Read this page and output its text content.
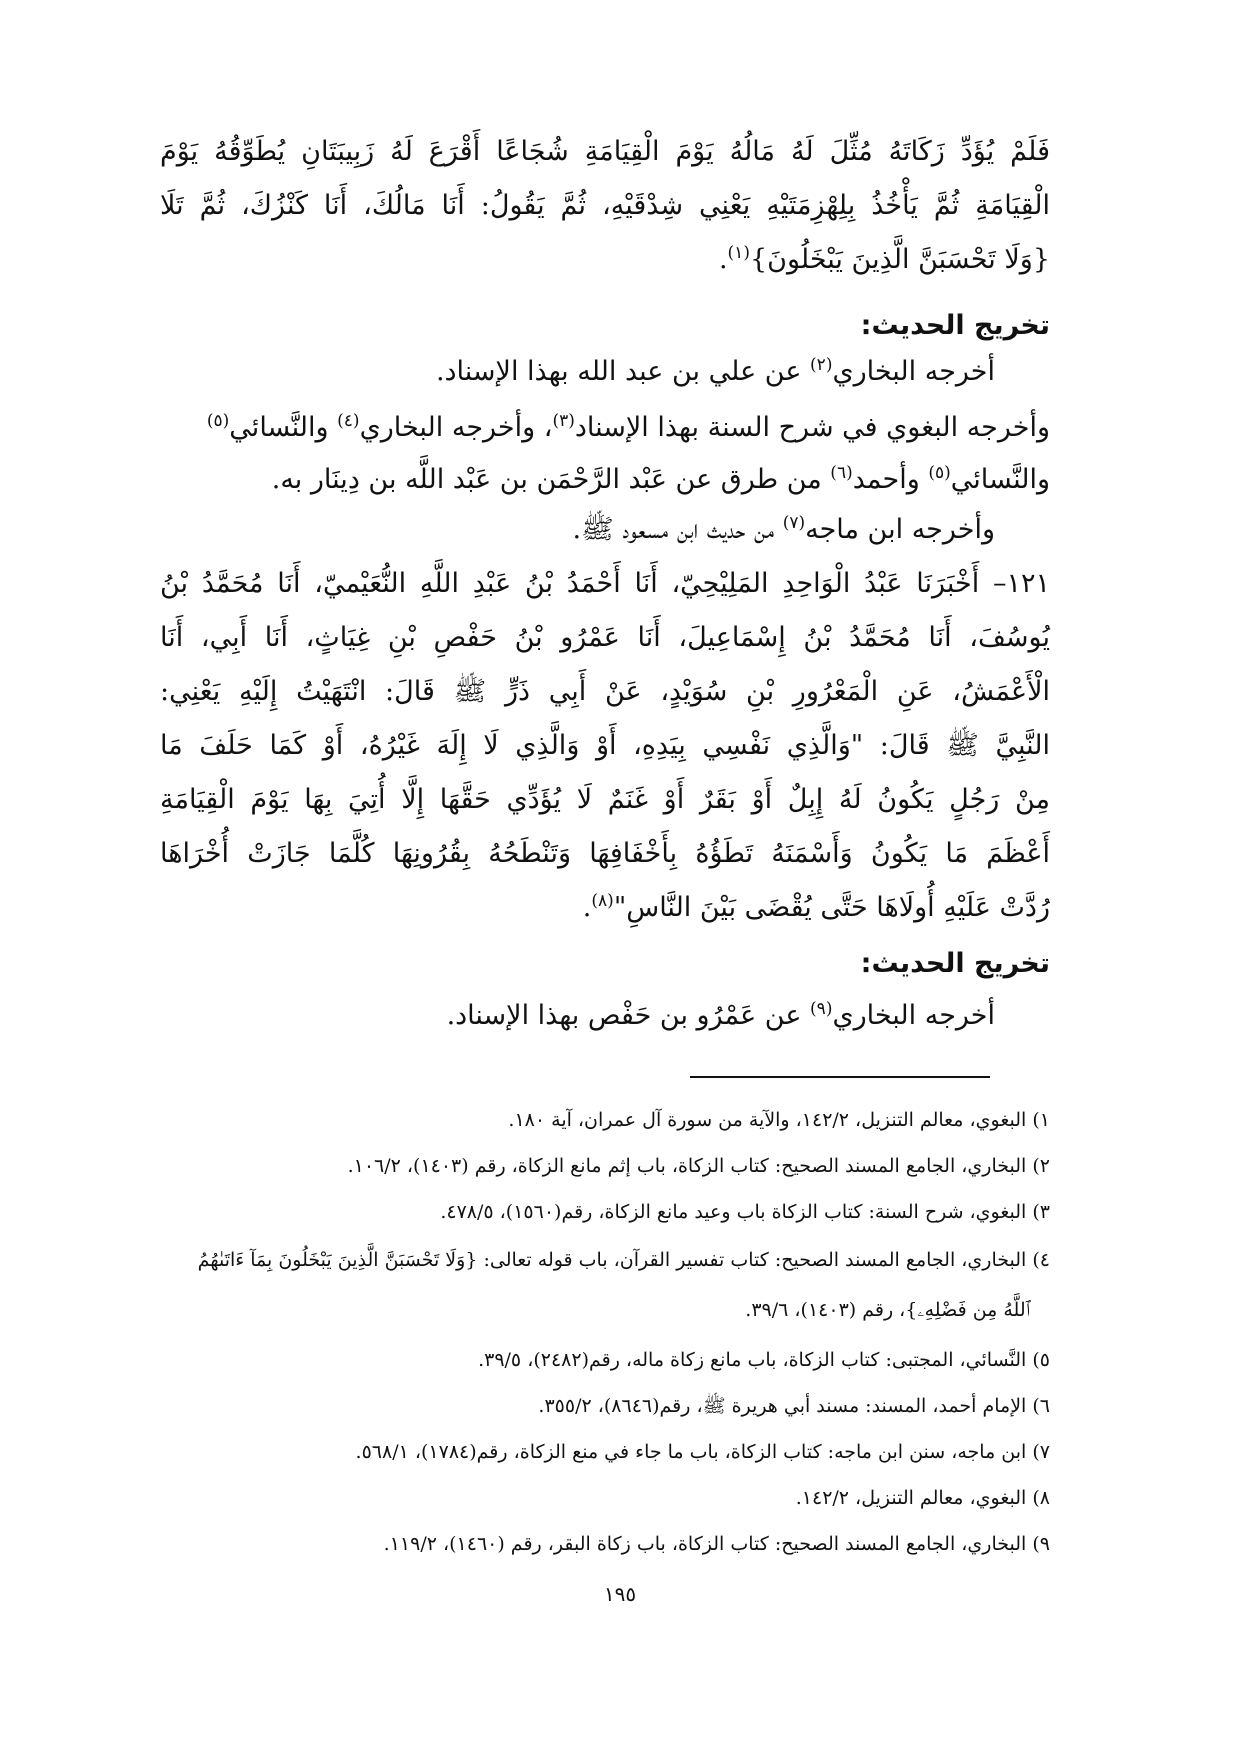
فَلَمْ يُؤَدِّ زَكَاتَهُ مُثِّلَ لَهُ مَالُهُ يَوْمَ الْقِيَامَةِ شُجَاعًا أَقْرَعَ لَهُ زَبِيبَتَانِ يُطَوِّقُهُ يَوْمَ
الْقِيَامَةِ ثُمَّ يَأْخُذُ بِلِهْزِمَتَيْهِ يَعْنِي شِدْقَيْهِ، ثُمَّ يَقُولُ: أَنَا مَالُكَ، أَنَا كَنْزُكَ، ثُمَّ تَلَا
{وَلَا تَحْسَبَنَّ الَّذِينَ يَبْخَلُونَ}$^{(١)}$.
تخريج الحديث:
أخرجه البخاري$^{(٢)}$ عن علي بن عبد الله بهذا الإسناد.
وأخرجه البغوي في شرح السنة بهذا الإسناد$^{(٣)}$، وأخرجه البخاري$^{(٤)}$ والنَّسائي$^{(٥)}$
والنَّسائي$^{(٥)}$ وأحمد$^{(٦)}$ من طرق عن عَبْد الرَّحْمَن بن عَبْد اللَّه بن دِينَار به.
وأخرجه ابن ماجه$^{(٧)}$ من حديث ابن مسعود ﷺ.
١٢١– أَخْبَرَنَا عَبْدُ الْوَاحِدِ المَلِيْحِيّ، أَنَا أَحْمَدُ بْنُ عَبْدِ اللَّهِ النُّعَيْميّ، أَنَا مُحَمَّدُ بْنُ
يُوسُفَ، أَنَا مُحَمَّدُ بْنُ إِسْمَاعِيلَ، أَنَا عَمْرُو بْنُ حَفْصِ بْنِ غِيَاثٍ، أَنَا أَبِي، أَنَا
الْأَعْمَشُ، عَنِ الْمَعْرُورِ بْنِ سُوَيْدٍ، عَنْ أَبِي ذَرٍّ ﷺ قَالَ: انْتَهَيْتُ إِلَيْهِ يَعْنِي:
النَّبِيَّ ﷺ قَالَ: "وَالَّذِي نَفْسِي بِيَدِهِ، أَوْ وَالَّذِي لَا إِلَهَ غَيْرُهُ، أَوْ كَمَا حَلَفَ مَا
مِنْ رَجُلٍ يَكُونُ لَهُ إِبِلٌ أَوْ بَقَرٌ أَوْ غَنَمٌ لَا يُؤَدِّي حَقَّهَا إِلَّا أُتِيَ بِهَا يَوْمَ الْقِيَامَةِ
أَعْظَمَ مَا يَكُونُ وَأَسْمَنَهُ تَطَؤُهُ بِأَخْفَافِهَا وَتَنْطَحُهُ بِقُرُونِهَا كُلَّمَا جَازَتْ أُخْرَاهَا
رُدَّتْ عَلَيْهِ أُولَاهَا حَتَّى يُقْضَى بَيْنَ النَّاسِ"$^{(٨)}$.
تخريج الحديث:
أخرجه البخاري$^{(٩)}$ عن عَمْرُو بن حَفْص بهذا الإسناد.
١) البغوي، معالم التنزيل، ١٤٢/٢، والآية من سورة آل عمران، آية ١٨٠.
٢) البخاري، الجامع المسند الصحيح: كتاب الزكاة، باب إثم مانع الزكاة، رقم (١٤٠٣)، ١٠٦/٢.
٣) البغوي، شرح السنة: كتاب الزكاة باب وعيد مانع الزكاة، رقم(١٥٦٠)، ٤٧٨/٥.
٤) البخاري، الجامع المسند الصحيح: كتاب تفسير القرآن، باب قوله تعالى: {وَلَا تَحْسَبَنَّ الَّذِينَ يَبْخَلُونَ بِمَآ ءَاتَىٰهُمُ
ٱللَّهُ مِن فَضْلِهِۦ}، رقم (١٤٠٣)، ٣٩/٦.
٥) النَّسائي، المجتبى: كتاب الزكاة، باب مانع زكاة ماله، رقم(٢٤٨٢)، ٣٩/٥.
٦) الإمام أحمد، المسند: مسند أبي هريرة ﷺ، رقم(٨٦٤٦)، ٣٥٥/٢.
٧) ابن ماجه، سنن ابن ماجه: كتاب الزكاة، باب ما جاء في منع الزكاة، رقم(١٧٨٤)، ٥٦٨/١.
٨) البغوي، معالم التنزيل، ١٤٢/٢.
٩) البخاري، الجامع المسند الصحيح: كتاب الزكاة، باب زكاة البقر، رقم (١٤٦٠)، ١١٩/٢.
١٩٥
